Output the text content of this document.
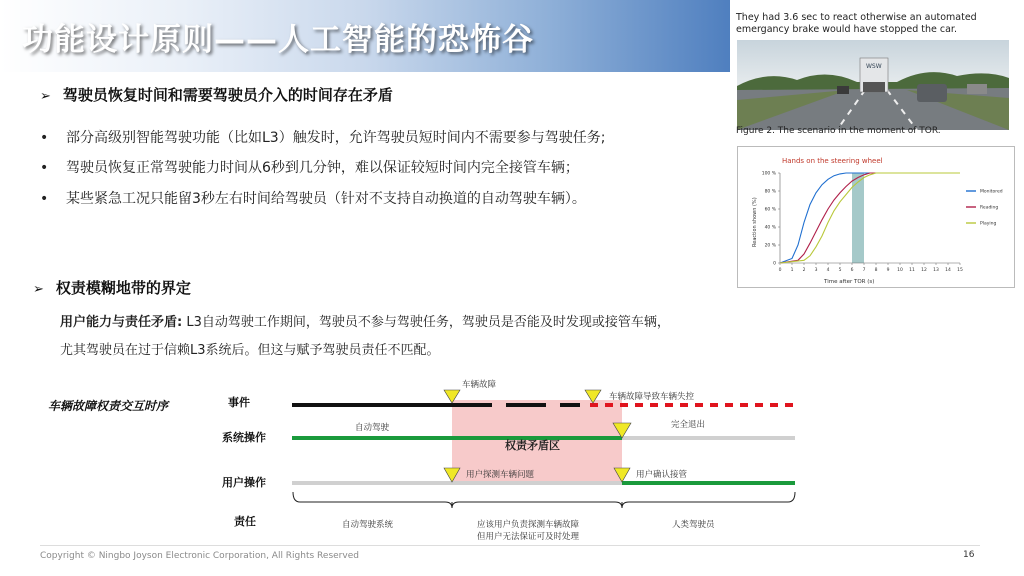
功能设计原则——人工智能的恐怖谷
➢ 驾驶员恢复时间和需要驾驶员介入的时间存在矛盾
• 部分高级别智能驾驶功能（比如L3）触发时，允许驾驶员短时间内不需要参与驾驶任务;
• 驾驶员恢复正常驾驶能力时间从6秒到几分钟，难以保证较短时间内完全接管车辆；
• 某些紧急工况只能留3秒左右时间给驾驶员（针对不支持自动换道的自动驾驶车辆）。
➢ 权责模糊地带的界定
用户能力与责任矛盾: L3自动驾驶工作期间，驾驶员不参与驾驶任务，驾驶员是否能及时发现或接管车辆，
尤其驾驶员在过于信赖L3系统后。但这与赋予驾驶员责任不匹配。
They had 3.6 sec to react otherwise an automated emergancy brake would have stopped the car.
WSW
Figure 2. The scenario in the moment of TOR.
Hands on the steering wheel
Reaction shown (%)
Time after TOR (s)
0
20 %
40 %
60 %
80 %
100 %
0 1 2 3 4 5 6 7 8 9 10 11 12 13 14 15
Monitored
Reading
Playing
车辆故障权责交互时序	事件
系统操作
用户操作
责任
车辆故障
车辆故障导致车辆失控
自动驾驶	完全退出
权责矛盾区
用户探测车辆问题	用户确认接管
自动驾驶系统	应该用户负责探测车辆故障
但用户无法保证可及时处理
人类驾驶员
Copyright © Ningbo Joyson Electronic Corporation, All Rights Reserved	16
